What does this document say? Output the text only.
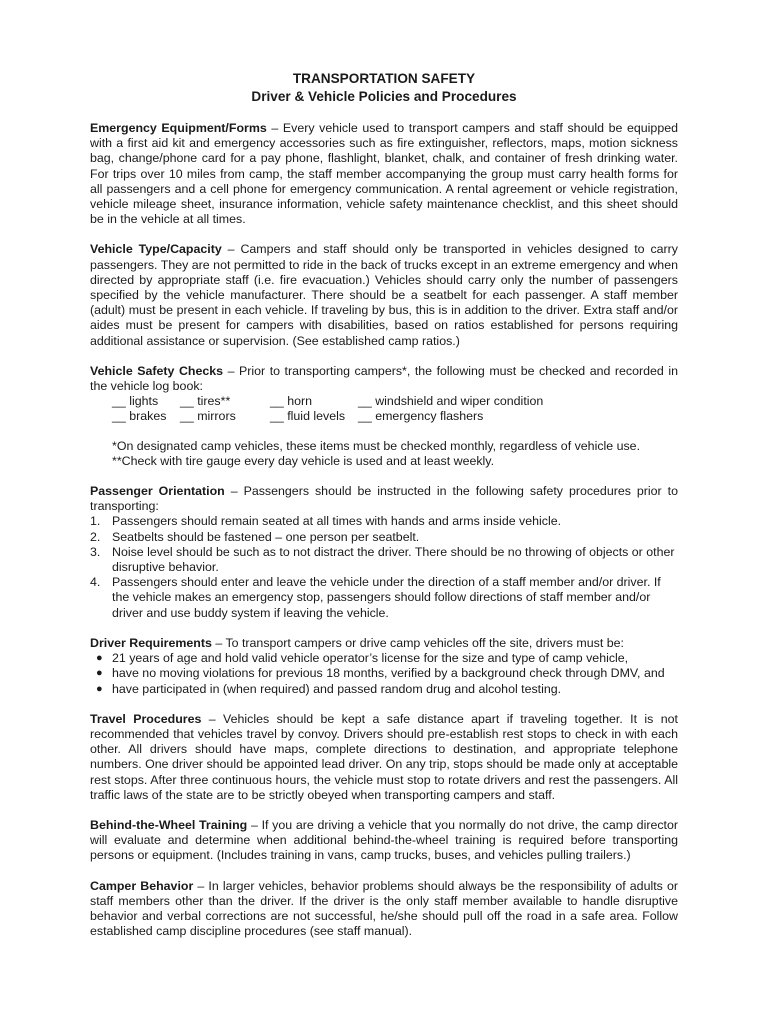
TRANSPORTATION SAFETY
Driver & Vehicle Policies and Procedures

Emergency Equipment/Forms – Every vehicle used to transport campers and staff should be equipped with a first aid kit and emergency accessories such as fire extinguisher, reflectors, maps, motion sickness bag, change/phone card for a pay phone, flashlight, blanket, chalk, and container of fresh drinking water. For trips over 10 miles from camp, the staff member accompanying the group must carry health forms for all passengers and a cell phone for emergency communication. A rental agreement or vehicle registration, vehicle mileage sheet, insurance information, vehicle safety maintenance checklist, and this sheet should be in the vehicle at all times.

Vehicle Type/Capacity – Campers and staff should only be transported in vehicles designed to carry passengers. They are not permitted to ride in the back of trucks except in an extreme emergency and when directed by appropriate staff (i.e. fire evacuation.) Vehicles should carry only the number of passengers specified by the vehicle manufacturer. There should be a seatbelt for each passenger. A staff member (adult) must be present in each vehicle. If traveling by bus, this is in addition to the driver. Extra staff and/or aides must be present for campers with disabilities, based on ratios established for persons requiring additional assistance or supervision. (See established camp ratios.)

Vehicle Safety Checks – Prior to transporting campers*, the following must be checked and recorded in the vehicle log book:

__ lights	__ tires**	__ horn	__ windshield and wiper condition
__ brakes	__ mirrors	__ fluid levels	__ emergency flashers
*On designated camp vehicles, these items must be checked monthly, regardless of vehicle use.
**Check with tire gauge every day vehicle is used and at least weekly.

Passenger Orientation – Passengers should be instructed in the following safety procedures prior to transporting:

1. Passengers should remain seated at all times with hands and arms inside vehicle.
2. Seatbelts should be fastened – one person per seatbelt.
3. Noise level should be such as to not distract the driver. There should be no throwing of objects or other disruptive behavior.
4. Passengers should enter and leave the vehicle under the direction of a staff member and/or driver. If the vehicle makes an emergency stop, passengers should follow directions of staff member and/or driver and use buddy system if leaving the vehicle.

Driver Requirements – To transport campers or drive camp vehicles off the site, drivers must be:

● 21 years of age and hold valid vehicle operator’s license for the size and type of camp vehicle,
● have no moving violations for previous 18 months, verified by a background check through DMV, and
● have participated in (when required) and passed random drug and alcohol testing.

Travel Procedures – Vehicles should be kept a safe distance apart if traveling together. It is not recommended that vehicles travel by convoy. Drivers should pre-establish rest stops to check in with each other. All drivers should have maps, complete directions to destination, and appropriate telephone numbers. One driver should be appointed lead driver. On any trip, stops should be made only at acceptable rest stops. After three continuous hours, the vehicle must stop to rotate drivers and rest the passengers. All traffic laws of the state are to be strictly obeyed when transporting campers and staff.

Behind-the-Wheel Training – If you are driving a vehicle that you normally do not drive, the camp director will evaluate and determine when additional behind-the-wheel training is required before transporting persons or equipment. (Includes training in vans, camp trucks, buses, and vehicles pulling trailers.)

Camper Behavior – In larger vehicles, behavior problems should always be the responsibility of adults or staff members other than the driver. If the driver is the only staff member available to handle disruptive behavior and verbal corrections are not successful, he/she should pull off the road in a safe area. Follow established camp discipline procedures (see staff manual).
